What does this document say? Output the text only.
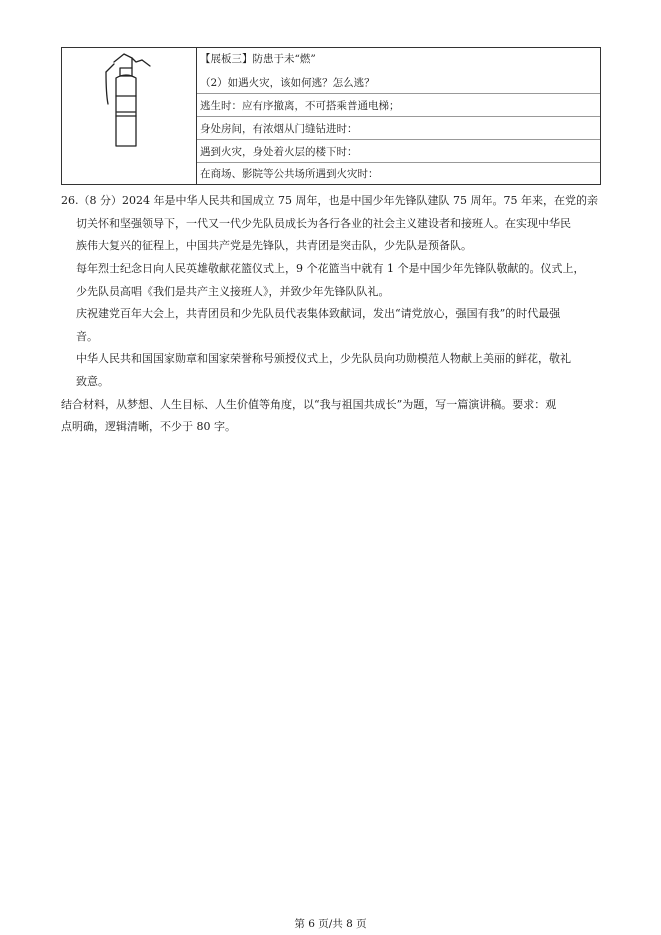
【展板三】防患于未“燃”
（2）如遇火灾，该如何逃？怎么逃？
逃生时：应有序撤离，不可搭乘普通电梯；
身处房间，有浓烟从门缝钻进时：
遇到火灾，身处着火层的楼下时：
在商场、影院等公共场所遇到火灾时：
26.（8 分）2024 年是中华人民共和国成立 75 周年，也是中国少年先锋队建队 75 周年。75 年来，在党的亲
切关怀和坚强领导下，一代又一代少先队员成长为各行各业的社会主义建设者和接班人。在实现中华民
族伟大复兴的征程上，中国共产党是先锋队，共青团是突击队，少先队是预备队。
每年烈士纪念日向人民英雄敬献花篮仪式上，9 个花篮当中就有 1 个是中国少年先锋队敬献的。仪式上，
少先队员高唱《我们是共产主义接班人》，并致少年先锋队队礼。
庆祝建党百年大会上，共青团员和少先队员代表集体致献词，发出“请党放心，强国有我”的时代最强
音。
中华人民共和国国家勋章和国家荣誉称号颁授仪式上，少先队员向功勋模范人物献上美丽的鲜花，敬礼
致意。
结合材料，从梦想、人生目标、人生价值等角度，以“我与祖国共成长”为题，写一篇演讲稿。要求：观
点明确，逻辑清晰，不少于 80 字。
第 6 页/共 8 页
